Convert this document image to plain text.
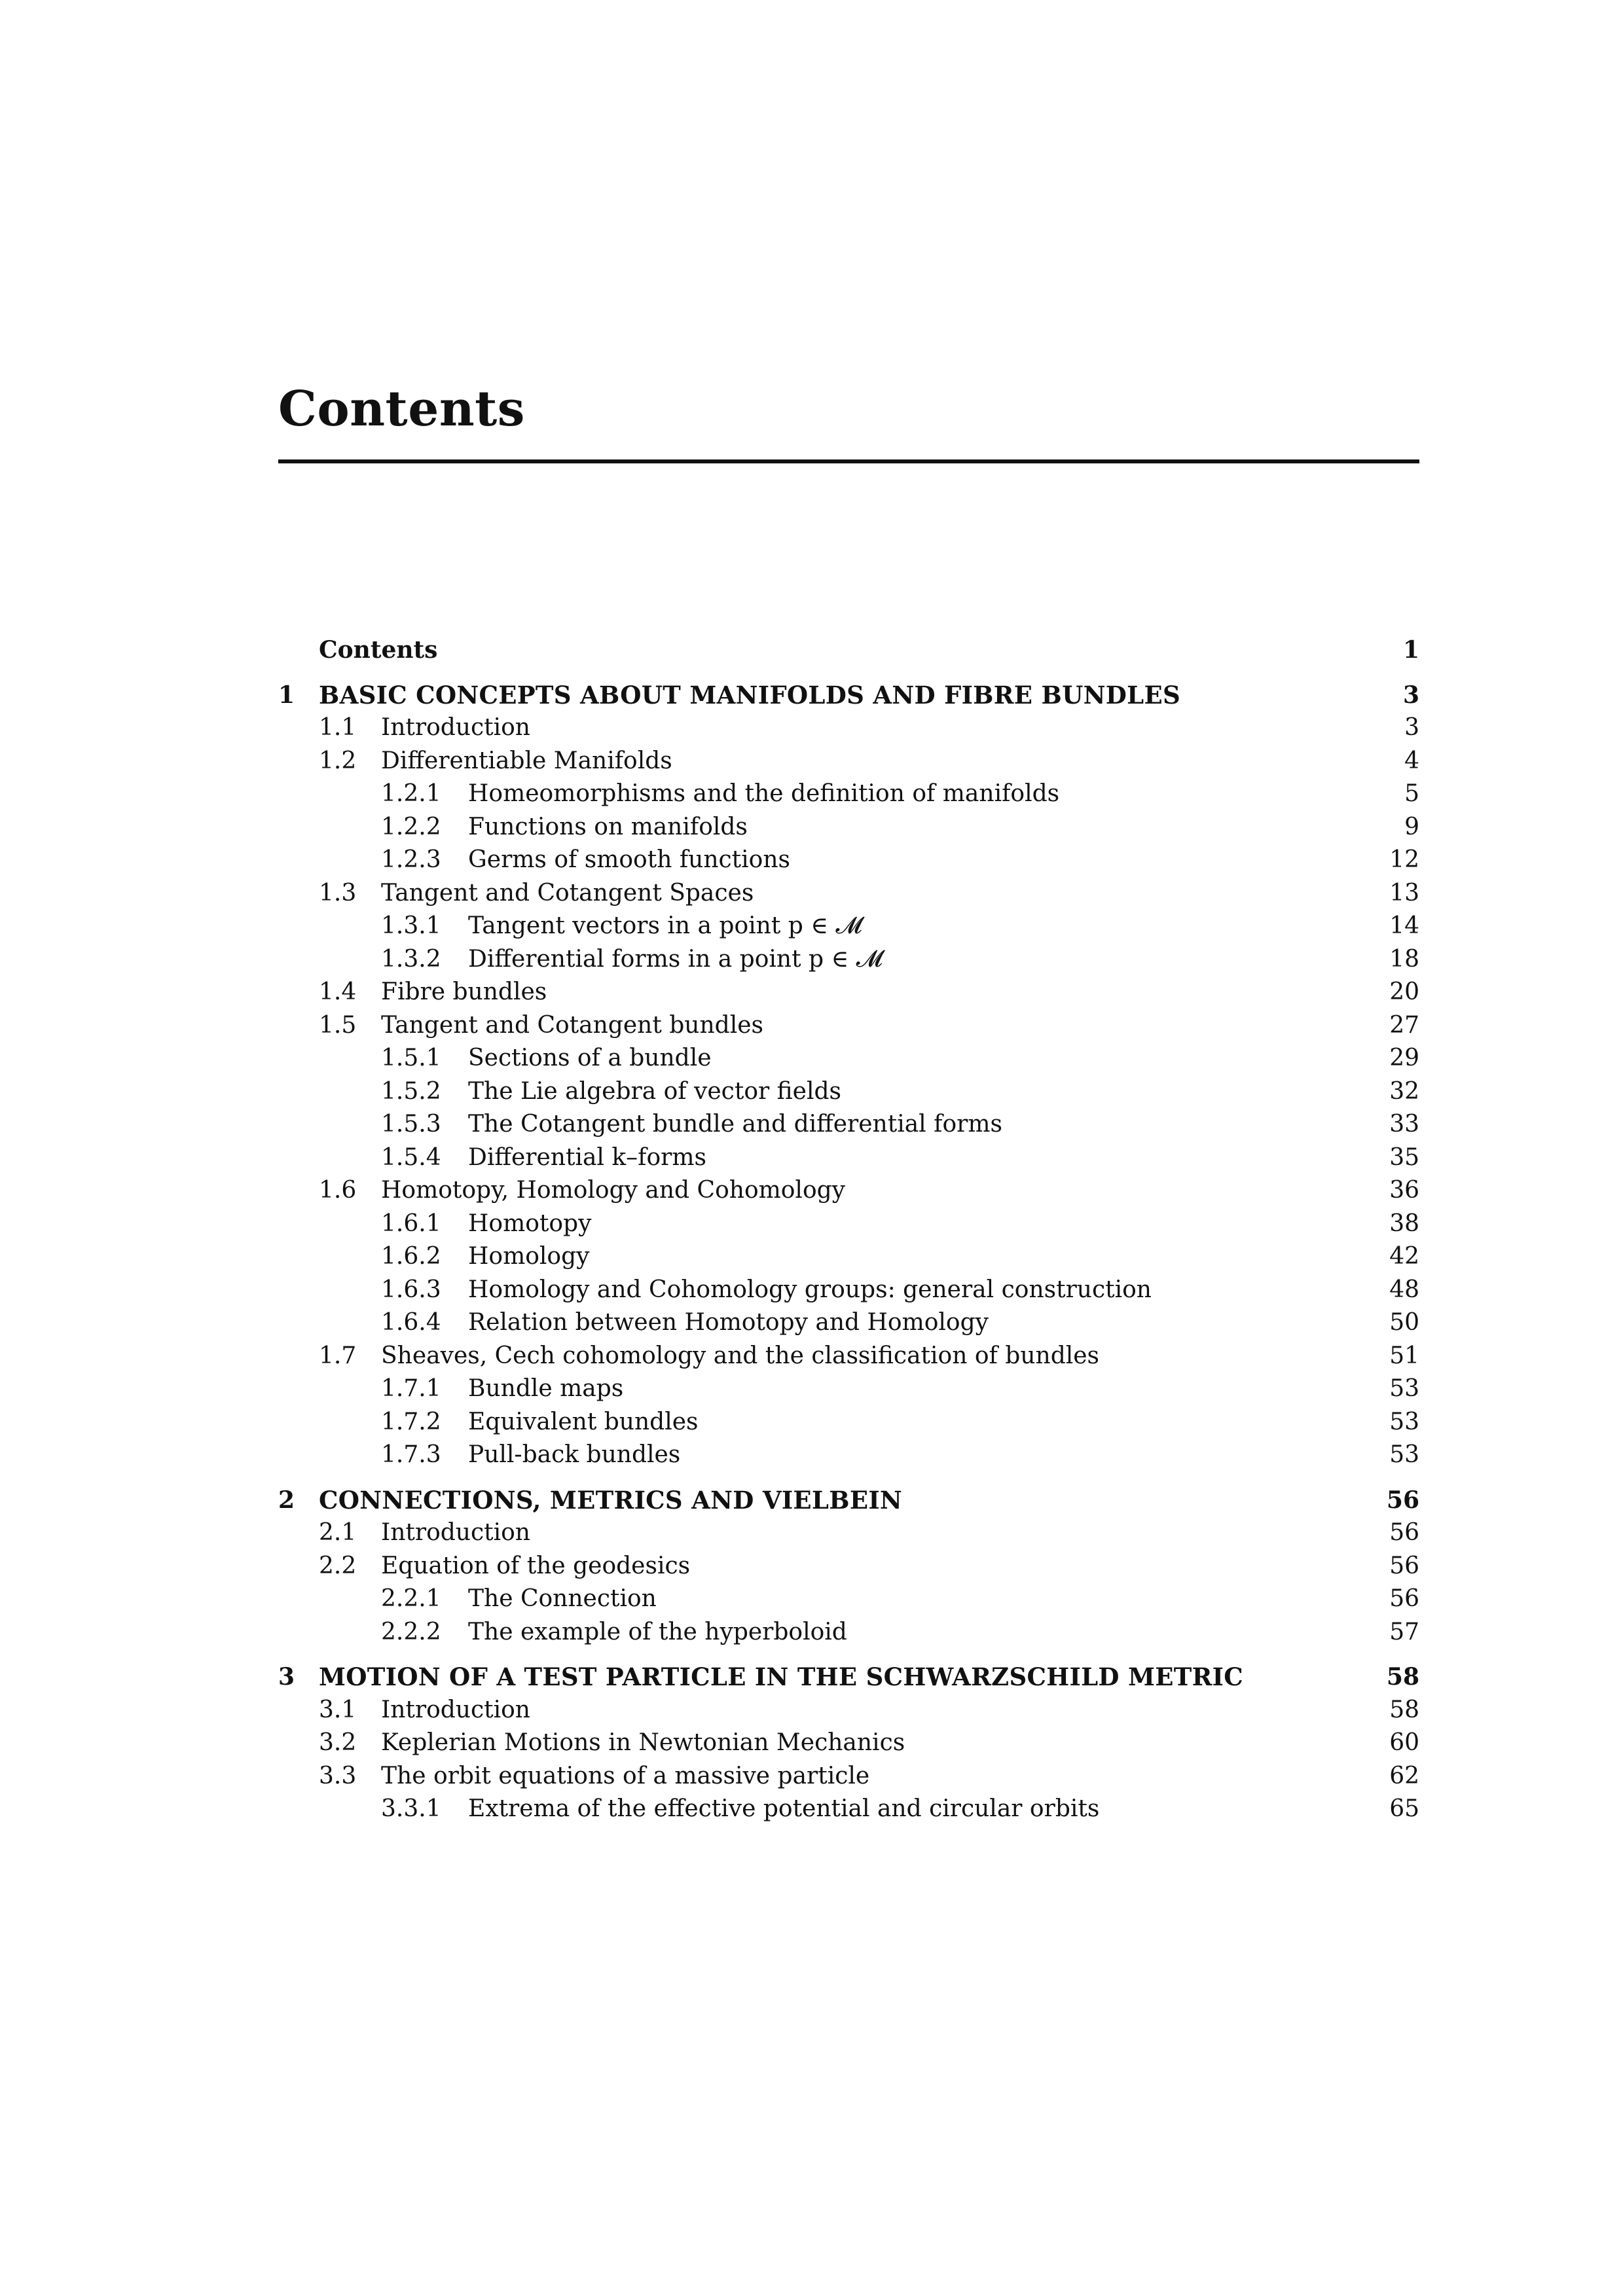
Contents
Contents	1
1 BASIC CONCEPTS ABOUT MANIFOLDS AND FIBRE BUNDLES	3
1.1 Introduction	3
1.2 Differentiable Manifolds	4
1.2.1 Homeomorphisms and the definition of manifolds	5
1.2.2 Functions on manifolds	9
1.2.3 Germs of smooth functions	12
1.3 Tangent and Cotangent Spaces	13
1.3.1 Tangent vectors in a point p ∈ 𝓜	14
1.3.2 Differential forms in a point p ∈ 𝓜	18
1.4 Fibre bundles	20
1.5 Tangent and Cotangent bundles	27
1.5.1 Sections of a bundle	29
1.5.2 The Lie algebra of vector fields	32
1.5.3 The Cotangent bundle and differential forms	33
1.5.4 Differential k–forms	35
1.6 Homotopy, Homology and Cohomology	36
1.6.1 Homotopy	38
1.6.2 Homology	42
1.6.3 Homology and Cohomology groups: general construction	48
1.6.4 Relation between Homotopy and Homology	50
1.7 Sheaves, Cech cohomology and the classification of bundles	51
1.7.1 Bundle maps	53
1.7.2 Equivalent bundles	53
1.7.3 Pull-back bundles	53
2 CONNECTIONS, METRICS AND VIELBEIN	56
2.1 Introduction	56
2.2 Equation of the geodesics	56
2.2.1 The Connection	56
2.2.2 The example of the hyperboloid	57
3 MOTION OF A TEST PARTICLE IN THE SCHWARZSCHILD METRIC	58
3.1 Introduction	58
3.2 Keplerian Motions in Newtonian Mechanics	60
3.3 The orbit equations of a massive particle	62
3.3.1 Extrema of the effective potential and circular orbits	65
